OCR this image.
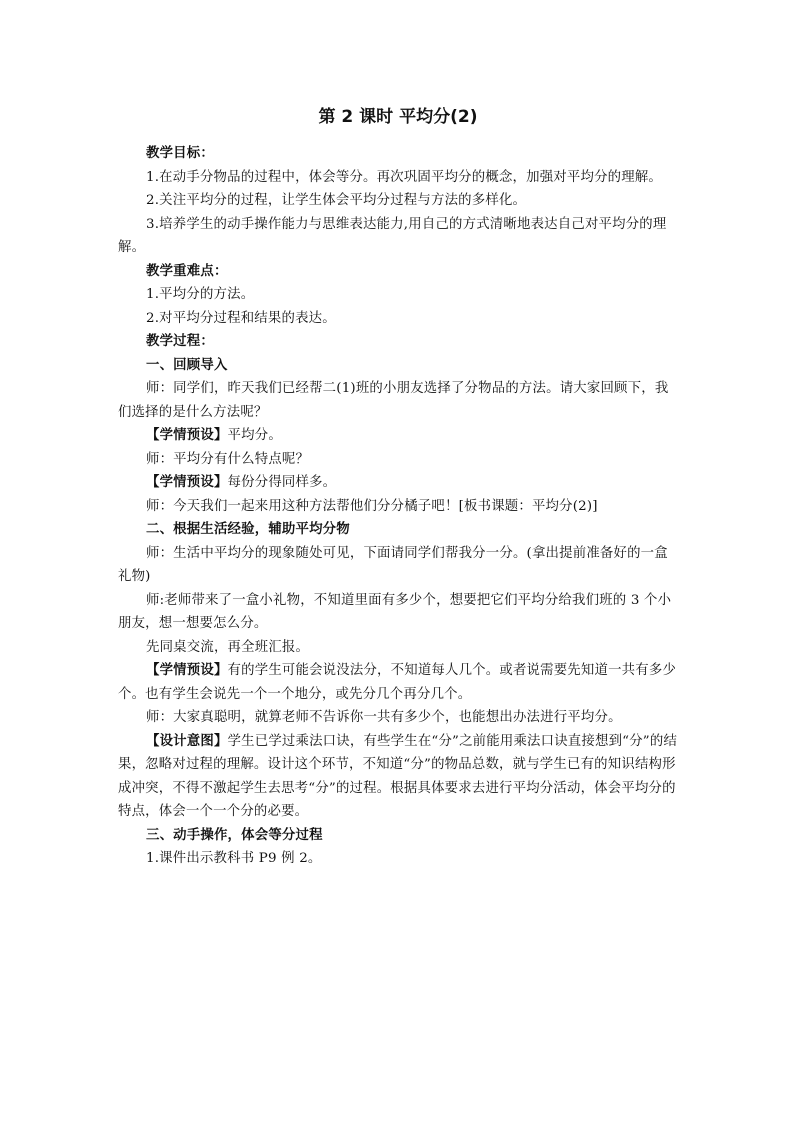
第 2 课时 平均分(2)

教学目标：

1.在动手分物品的过程中，体会等分。再次巩固平均分的概念，加强对平均分的理解。

2.关注平均分的过程，让学生体会平均分过程与方法的多样化。

3.培养学生的动手操作能力与思维表达能力,用自己的方式清晰地表达自己对平均分的理解。

教学重难点：

1.平均分的方法。

2.对平均分过程和结果的表达。

教学过程：

一、回顾导入

师：同学们，昨天我们已经帮二(1)班的小朋友选择了分物品的方法。请大家回顾下，我们选择的是什么方法呢？

【学情预设】平均分。

师：平均分有什么特点呢？

【学情预设】每份分得同样多。

师：今天我们一起来用这种方法帮他们分分橘子吧！[板书课题：平均分(2)]

二、根据生活经验，辅助平均分物

师：生活中平均分的现象随处可见，下面请同学们帮我分一分。(拿出提前准备好的一盒礼物)

师:老师带来了一盒小礼物，不知道里面有多少个，想要把它们平均分给我们班的 3 个小朋友，想一想要怎么分。

先同桌交流，再全班汇报。

【学情预设】有的学生可能会说没法分，不知道每人几个。或者说需要先知道一共有多少个。也有学生会说先一个一个地分，或先分几个再分几个。

师：大家真聪明，就算老师不告诉你一共有多少个，也能想出办法进行平均分。

【设计意图】学生已学过乘法口诀，有些学生在“分”之前能用乘法口诀直接想到“分”的结果，忽略对过程的理解。设计这个环节，不知道“分”的物品总数，就与学生已有的知识结构形成冲突，不得不激起学生去思考“分”的过程。根据具体要求去进行平均分活动，体会平均分的特点，体会一个一个分的必要。

三、动手操作，体会等分过程

1.课件出示教科书 P9 例 2。
